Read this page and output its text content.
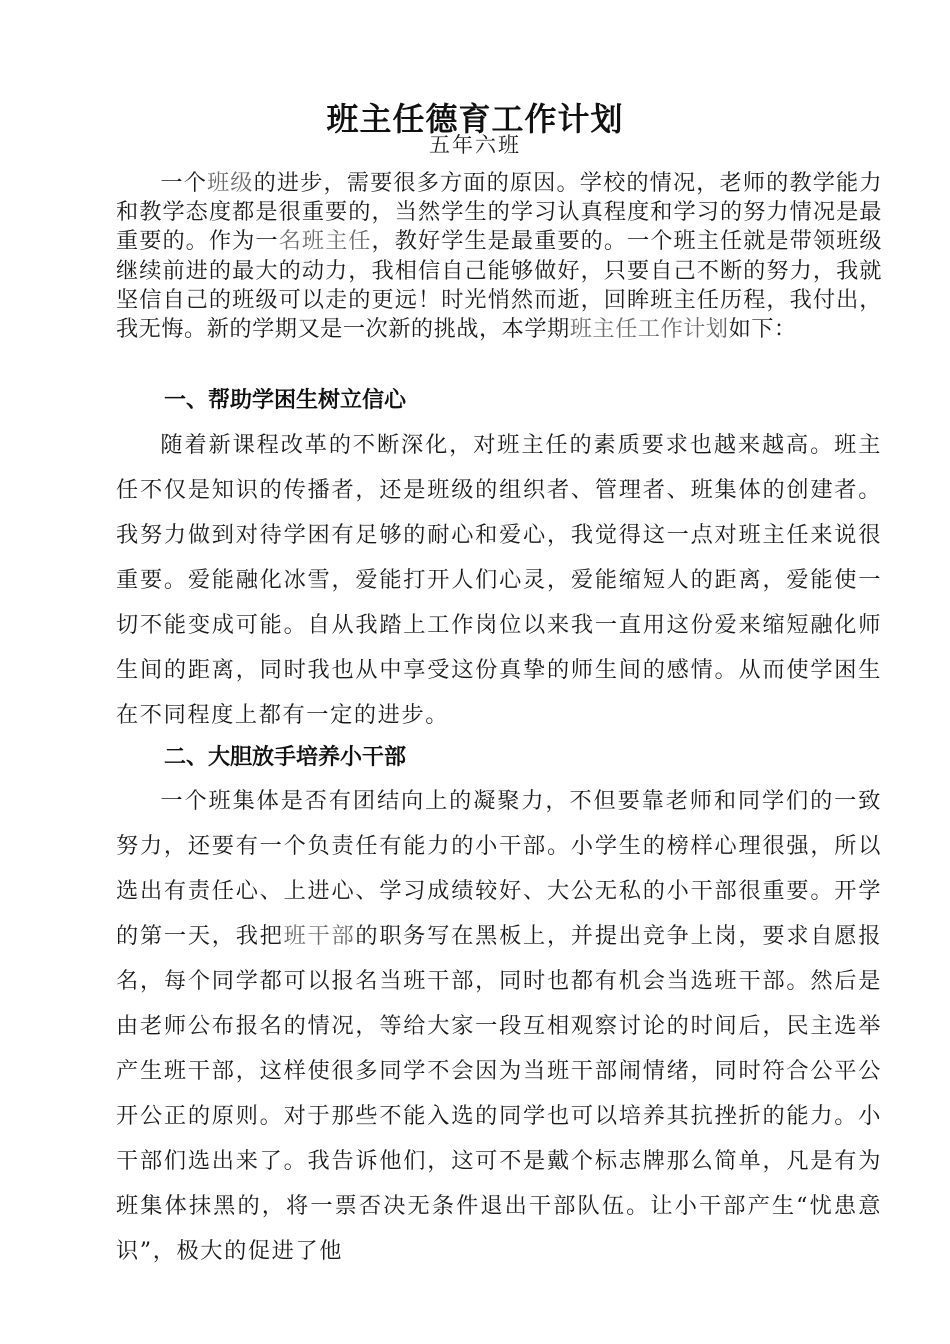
班主任德育工作计划
五年六班

一个班级的进步，需要很多方面的原因。学校的情况，老师的教学能力和教学态度都是很重要的，当然学生的学习认真程度和学习的努力情况是最重要的。作为一名班主任，教好学生是最重要的。一个班主任就是带领班级继续前进的最大的动力，我相信自己能够做好，只要自己不断的努力，我就坚信自己的班级可以走的更远！时光悄然而逝，回眸班主任历程，我付出，我无悔。新的学期又是一次新的挑战，本学期班主任工作计划如下：

一、帮助学困生树立信心

随着新课程改革的不断深化，对班主任的素质要求也越来越高。班主任不仅是知识的传播者，还是班级的组织者、管理者、班集体的创建者。我努力做到对待学困有足够的耐心和爱心，我觉得这一点对班主任来说很重要。爱能融化冰雪，爱能打开人们心灵，爱能缩短人的距离，爱能使一切不能变成可能。自从我踏上工作岗位以来我一直用这份爱来缩短融化师生间的距离，同时我也从中享受这份真挚的师生间的感情。从而使学困生在不同程度上都有一定的进步。

二、大胆放手培养小干部

一个班集体是否有团结向上的凝聚力，不但要靠老师和同学们的一致努力，还要有一个负责任有能力的小干部。小学生的榜样心理很强，所以选出有责任心、上进心、学习成绩较好、大公无私的小干部很重要。开学的第一天，我把班干部的职务写在黑板上，并提出竞争上岗，要求自愿报名，每个同学都可以报名当班干部，同时也都有机会当选班干部。然后是由老师公布报名的情况，等给大家一段互相观察讨论的时间后，民主选举产生班干部，这样使很多同学不会因为当班干部闹情绪，同时符合公平公开公正的原则。对于那些不能入选的同学也可以培养其抗挫折的能力。小干部们选出来了。我告诉他们，这可不是戴个标志牌那么简单，凡是有为班集体抹黑的，将一票否决无条件退出干部队伍。让小干部产生“忧患意识”，极大的促进了他
